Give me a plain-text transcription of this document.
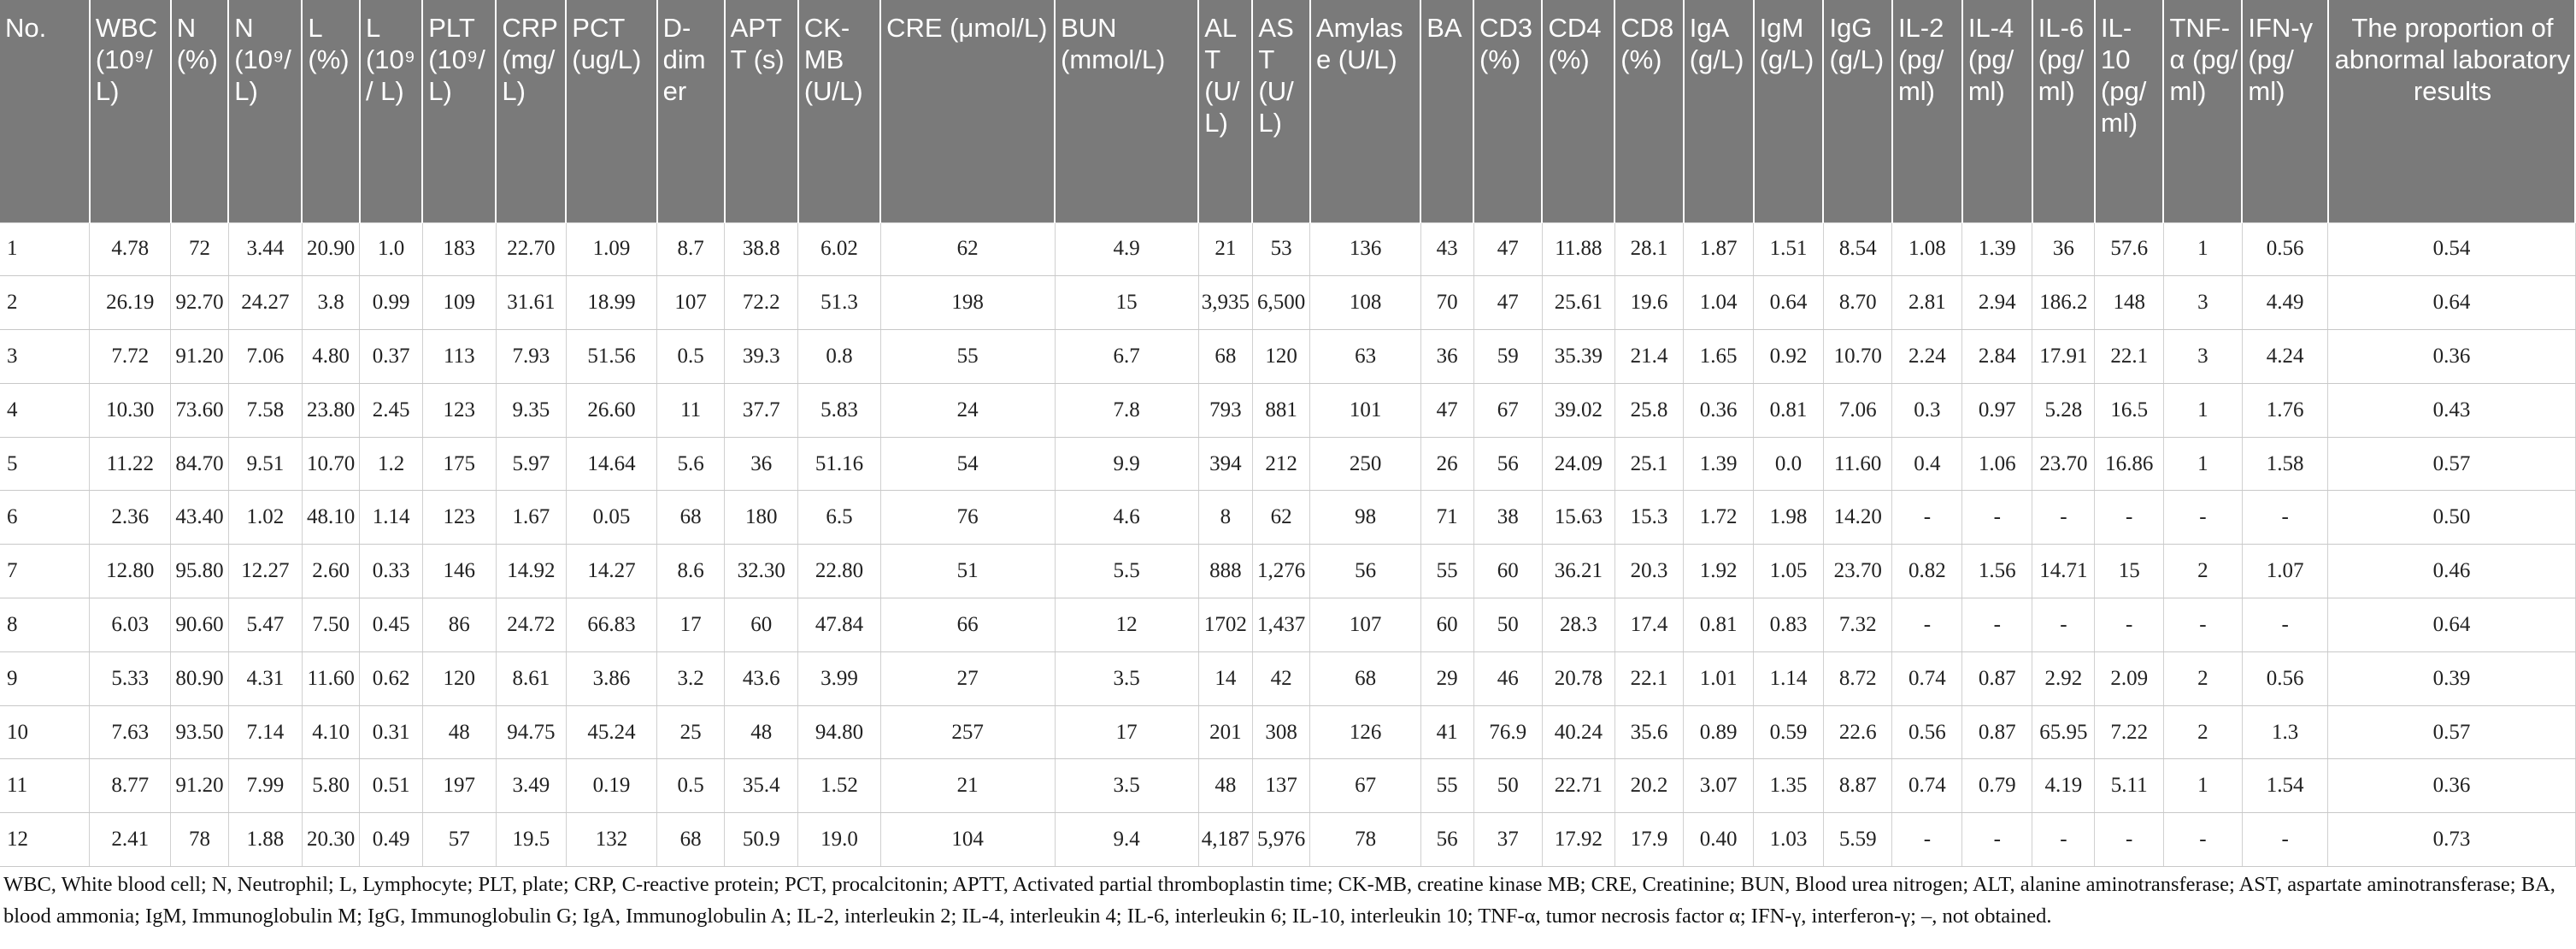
No.	WBC (10⁹/ L)	N (%)	N (10⁹/ L)	L (%)	L (10⁹/ L)	PLT (10⁹/ L)	CRP (mg/ L)	PCT (ug/L)	D- dimer	APTT (s)	CK- MB (U/L)	CRE (μmol/L)	BUN (mmol/L)	ALT (U/ L)	AST (U/ L)	Amylase (U/L)	BA	CD3 (%)	CD4 (%)	CD8 (%)	IgA (g/L)	IgM (g/L)	IgG (g/L)	IL-2 (pg/ ml)	IL-4 (pg/ ml)	IL-6 (pg/ ml)	IL- 10 (pg/ ml)	TNF-α (pg/ ml)	IFN-γ (pg/ ml)	The proportion of abnormal laboratory results
1	4.78	72	3.44	20.90	1.0	183	22.70	1.09	8.7	38.8	6.02	62	4.9	21	53	136	43	47	11.88	28.1	1.87	1.51	8.54	1.08	1.39	36	57.6	1	0.56	0.54
2	26.19	92.70	24.27	3.8	0.99	109	31.61	18.99	107	72.2	51.3	198	15	3,935	6,500	108	70	47	25.61	19.6	1.04	0.64	8.70	2.81	2.94	186.2	148	3	4.49	0.64
3	7.72	91.20	7.06	4.80	0.37	113	7.93	51.56	0.5	39.3	0.8	55	6.7	68	120	63	36	59	35.39	21.4	1.65	0.92	10.70	2.24	2.84	17.91	22.1	3	4.24	0.36
4	10.30	73.60	7.58	23.80	2.45	123	9.35	26.60	11	37.7	5.83	24	7.8	793	881	101	47	67	39.02	25.8	0.36	0.81	7.06	0.3	0.97	5.28	16.5	1	1.76	0.43
5	11.22	84.70	9.51	10.70	1.2	175	5.97	14.64	5.6	36	51.16	54	9.9	394	212	250	26	56	24.09	25.1	1.39	0.0	11.60	0.4	1.06	23.70	16.86	1	1.58	0.57
6	2.36	43.40	1.02	48.10	1.14	123	1.67	0.05	68	180	6.5	76	4.6	8	62	98	71	38	15.63	15.3	1.72	1.98	14.20	-	-	-	-	-	-	0.50
7	12.80	95.80	12.27	2.60	0.33	146	14.92	14.27	8.6	32.30	22.80	51	5.5	888	1,276	56	55	60	36.21	20.3	1.92	1.05	23.70	0.82	1.56	14.71	15	2	1.07	0.46
8	6.03	90.60	5.47	7.50	0.45	86	24.72	66.83	17	60	47.84	66	12	1702	1,437	107	60	50	28.3	17.4	0.81	0.83	7.32	-	-	-	-	-	-	0.64
9	5.33	80.90	4.31	11.60	0.62	120	8.61	3.86	3.2	43.6	3.99	27	3.5	14	42	68	29	46	20.78	22.1	1.01	1.14	8.72	0.74	0.87	2.92	2.09	2	0.56	0.39
10	7.63	93.50	7.14	4.10	0.31	48	94.75	45.24	25	48	94.80	257	17	201	308	126	41	76.9	40.24	35.6	0.89	0.59	22.6	0.56	0.87	65.95	7.22	2	1.3	0.57
11	8.77	91.20	7.99	5.80	0.51	197	3.49	0.19	0.5	35.4	1.52	21	3.5	48	137	67	55	50	22.71	20.2	3.07	1.35	8.87	0.74	0.79	4.19	5.11	1	1.54	0.36
12	2.41	78	1.88	20.30	0.49	57	19.5	132	68	50.9	19.0	104	9.4	4,187	5,976	78	56	37	17.92	17.9	0.40	1.03	5.59	-	-	-	-	-	-	0.73
WBC, White blood cell; N, Neutrophil; L, Lymphocyte; PLT, plate; CRP, C-reactive protein; PCT, procalcitonin; APTT, Activated partial thromboplastin time; CK-MB, creatine kinase MB; CRE, Creatinine; BUN, Blood urea nitrogen; ALT, alanine aminotransferase; AST, aspartate aminotransferase; BA, blood ammonia; IgM, Immunoglobulin M; IgG, Immunoglobulin G; IgA, Immunoglobulin A; IL-2, interleukin 2; IL-4, interleukin 4; IL-6, interleukin 6; IL-10, interleukin 10; TNF-α, tumor necrosis factor α; IFN-γ, interferon-γ; –, not obtained.
